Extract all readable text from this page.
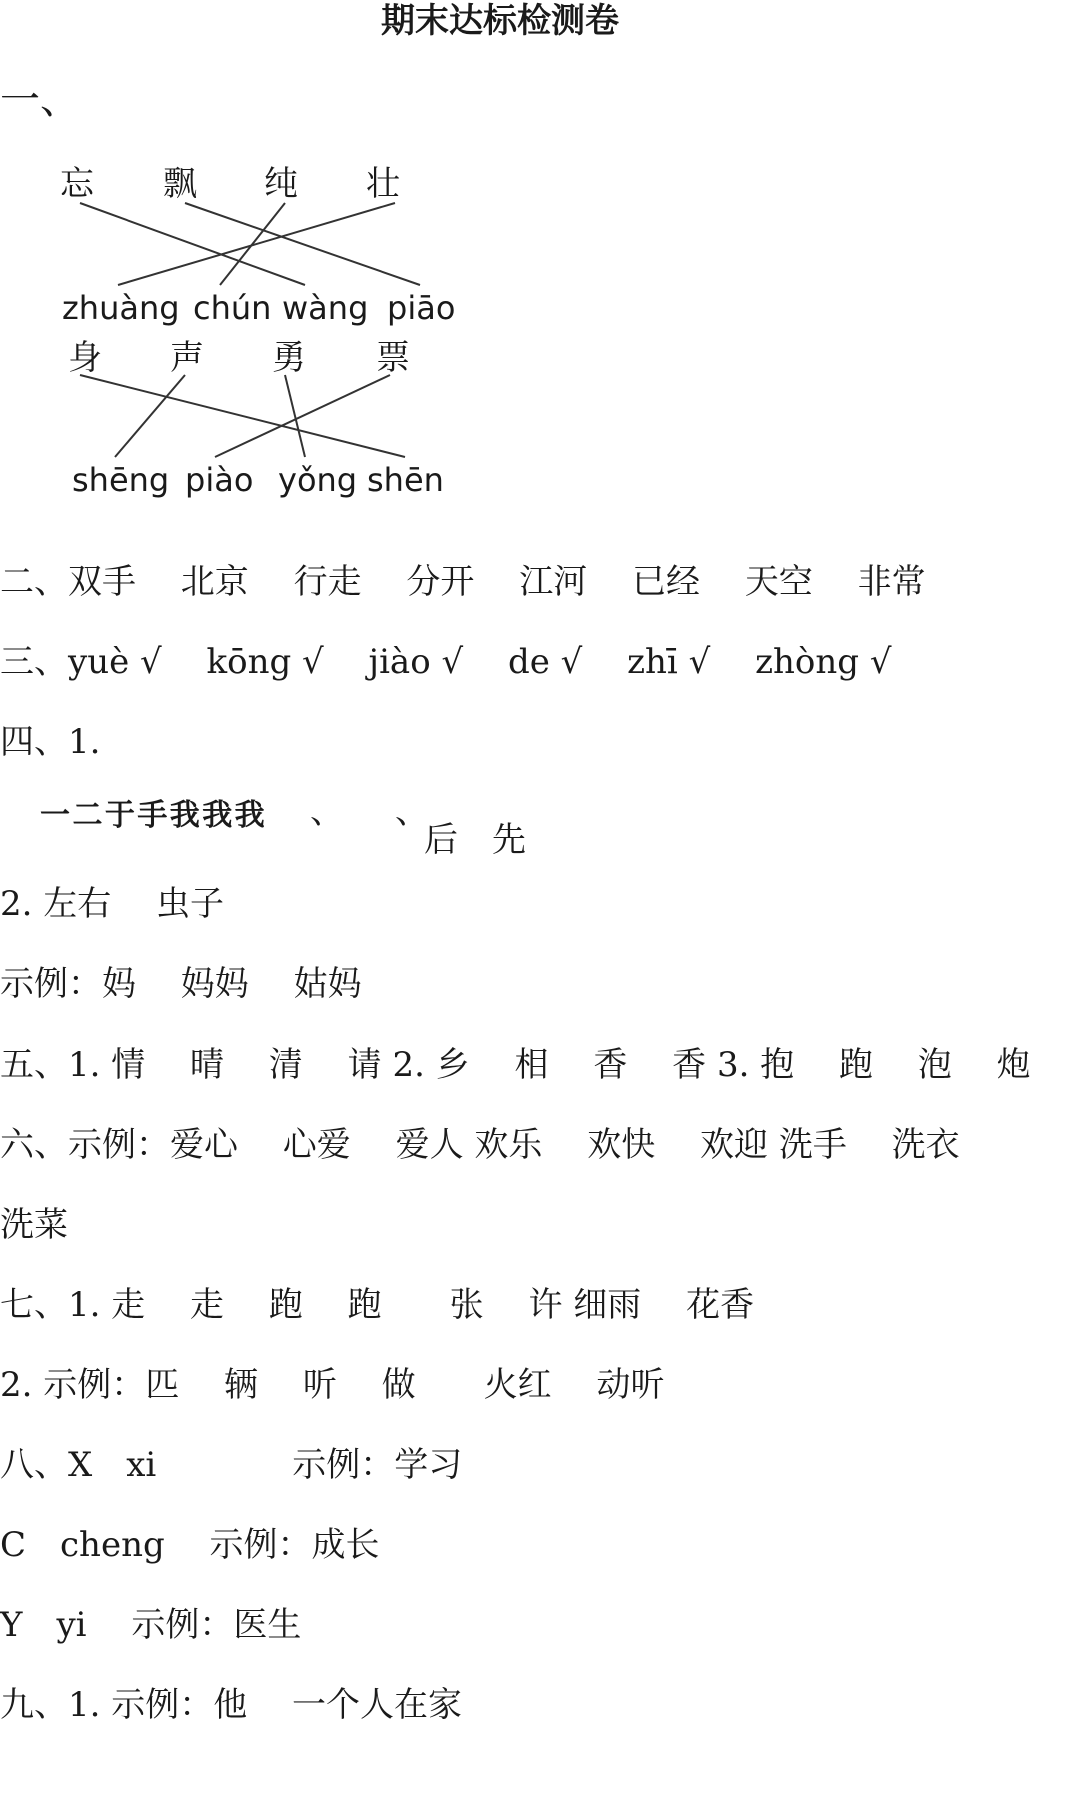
期末达标检测卷
一、
忘 飘 纯 壮
zhuàng chún wàng piāo
身 声 勇 票
shēng piào yǒng shēn
二、双手　 北京　 行走　 分开　 江河　 已经　 天空　 非常
三、yuè √　 kōng √　 jiào √　 de √　 zhī √　 zhòng √
四、1.
一 二 于 手 我 我 我 、　　、
后　先
2. 左右　 虫子
示例：妈　 妈妈　 姑妈
五、1. 情　 晴　 清　 请 2. 乡　 相　 香　 香 3. 抱　 跑　 泡　 炮
六、示例：爱心　 心爱　 爱人 欢乐　 欢快　 欢迎 洗手　 洗衣
洗菜
七、1. 走　 走　 跑　 跑　　张　 许 细雨　 花香
2. 示例：匹　 辆　 听　 做　　火红　 动听
八、X　xi　　　　示例：学习
C　cheng　 示例：成长
Y　yi　 示例：医生
九、1. 示例：他　 一个人在家
